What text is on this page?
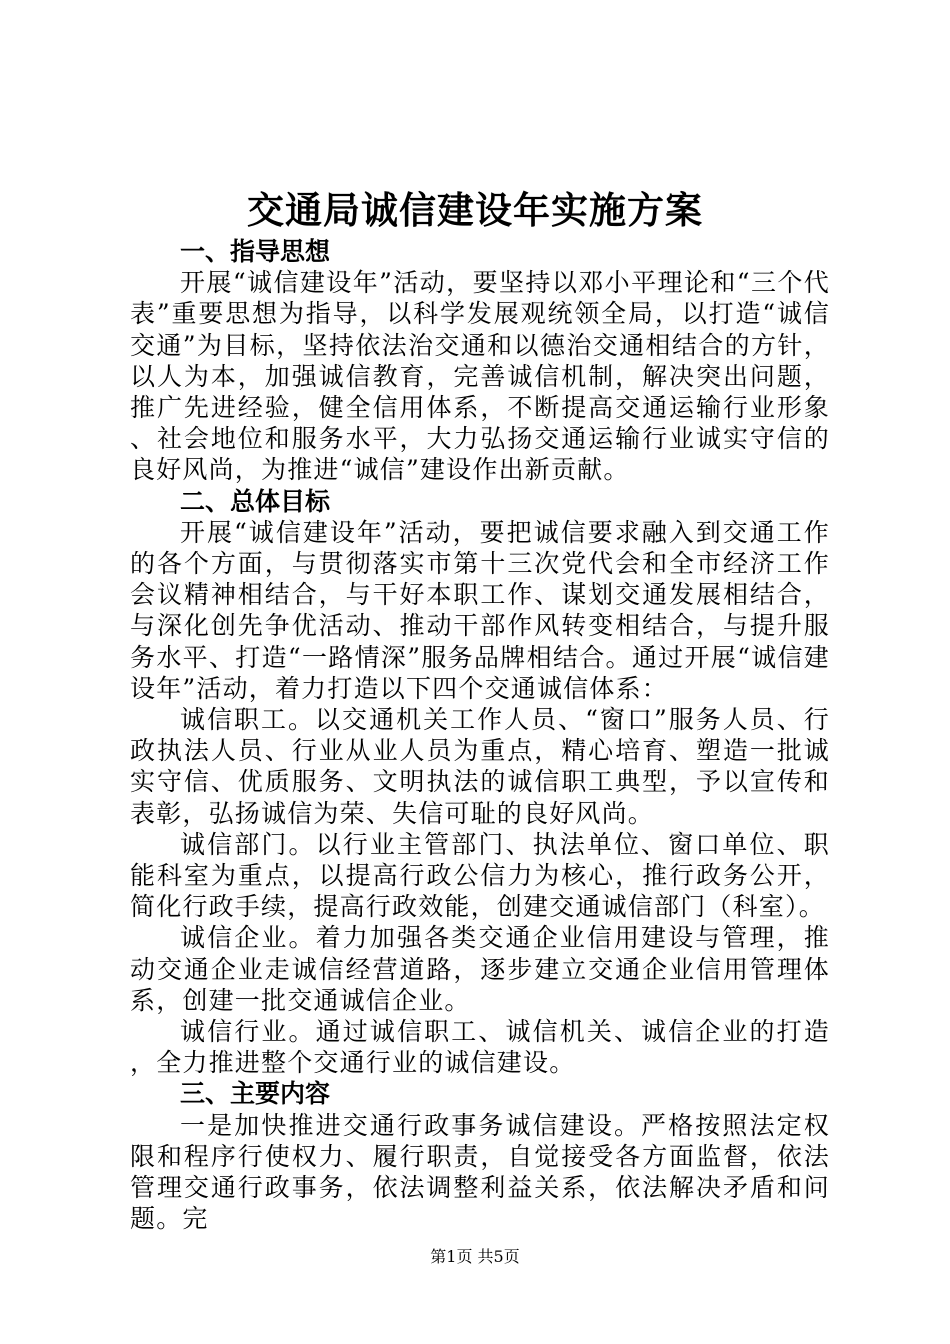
交通局诚信建设年实施方案

一、指导思想

开展“诚信建设年”活动，要坚持以邓小平理论和“三个代表”重要思想为指导，以科学发展观统领全局，以打造“诚信交通”为目标，坚持依法治交通和以德治交通相结合的方针，以人为本，加强诚信教育，完善诚信机制，解决突出问题，推广先进经验，健全信用体系，不断提高交通运输行业形象、社会地位和服务水平，大力弘扬交通运输行业诚实守信的良好风尚，为推进“诚信”建设作出新贡献。

二、总体目标

开展“诚信建设年”活动，要把诚信要求融入到交通工作的各个方面，与贯彻落实市第十三次党代会和全市经济工作会议精神相结合，与干好本职工作、谋划交通发展相结合，与深化创先争优活动、推动干部作风转变相结合，与提升服务水平、打造“一路情深”服务品牌相结合。通过开展“诚信建设年”活动，着力打造以下四个交通诚信体系：

诚信职工。以交通机关工作人员、“窗口”服务人员、行政执法人员、行业从业人员为重点，精心培育、塑造一批诚实守信、优质服务、文明执法的诚信职工典型，予以宣传和表彰，弘扬诚信为荣、失信可耻的良好风尚。

诚信部门。以行业主管部门、执法单位、窗口单位、职能科室为重点，以提高行政公信力为核心，推行政务公开，简化行政手续，提高行政效能，创建交通诚信部门（科室）。

诚信企业。着力加强各类交通企业信用建设与管理，推动交通企业走诚信经营道路，逐步建立交通企业信用管理体系，创建一批交通诚信企业。

诚信行业。通过诚信职工、诚信机关、诚信企业的打造，全力推进整个交通行业的诚信建设。

三、主要内容

一是加快推进交通行政事务诚信建设。严格按照法定权限和程序行使权力、履行职责，自觉接受各方面监督，依法管理交通行政事务，依法调整利益关系，依法解决矛盾和问题。完

第1页 共5页
